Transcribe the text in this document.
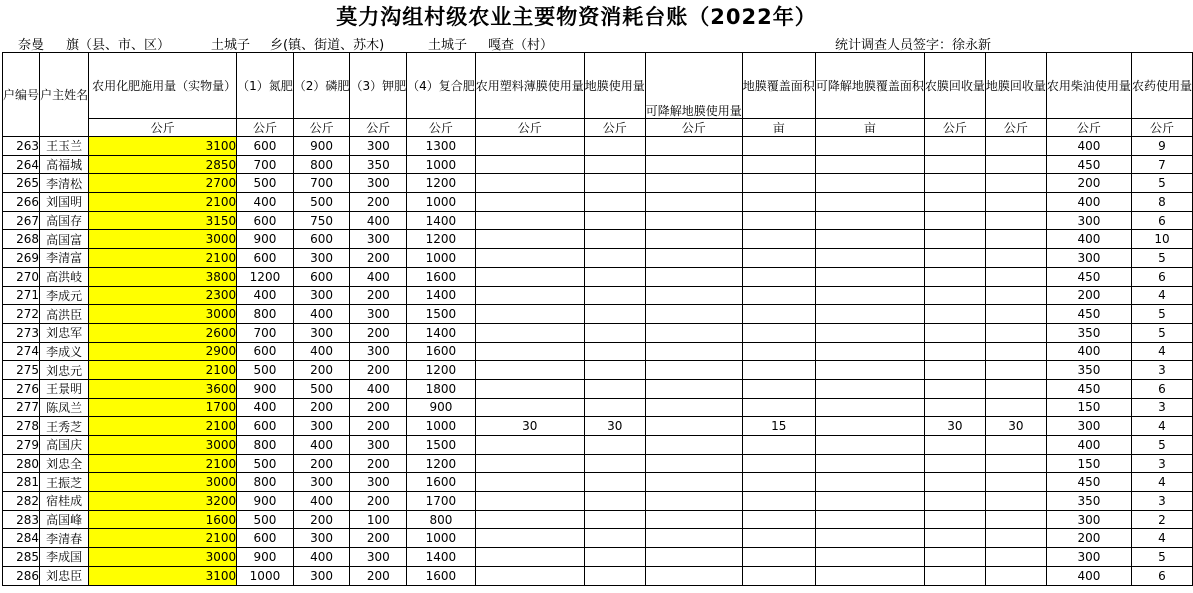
莫力沟组村级农业主要物资消耗台账（2022年）
奈曼 旗（县、市、区）	土城子 乡(镇、街道、苏木)	土城子 嘎查（村）	统计调查人员签字：徐永新
户编号	户主姓名	农用化肥施用量（实物量）	（1）氮肥	（2）磷肥	（3）钾肥	（4）复合肥	农用塑料薄膜使用量	地膜使用量	可降解地膜使用量	地膜覆盖面积	可降解地膜覆盖面积	农膜回收量	地膜回收量	农用柴油使用量	农药使用量
		公斤	公斤	公斤	公斤	公斤	公斤	公斤	公斤	亩	亩	公斤	公斤	公斤	公斤
263	王玉兰	3100	600	900	300	1300								400	9
264	高福城	2850	700	800	350	1000								450	7
265	李清松	2700	500	700	300	1200								200	5
266	刘国明	2100	400	500	200	1000								400	8
267	高国存	3150	600	750	400	1400								300	6
268	高国富	3000	900	600	300	1200								400	10
269	李清富	2100	600	300	200	1000								300	5
270	高洪岐	3800	1200	600	400	1600								450	6
271	李成元	2300	400	300	200	1400								200	4
272	高洪臣	3000	800	400	300	1500								450	5
273	刘忠军	2600	700	300	200	1400								350	5
274	李成义	2900	600	400	300	1600								400	4
275	刘忠元	2100	500	200	200	1200								350	3
276	王景明	3600	900	500	400	1800								450	6
277	陈凤兰	1700	400	200	200	900								150	3
278	王秀芝	2100	600	300	200	1000	30	30		15		30	30	300	4
279	高国庆	3000	800	400	300	1500								400	5
280	刘忠全	2100	500	200	200	1200								150	3
281	王振芝	3000	800	300	300	1600								450	4
282	宿桂成	3200	900	400	200	1700								350	3
283	高国峰	1600	500	200	100	800								300	2
284	李清春	2100	600	300	200	1000								200	4
285	李成国	3000	900	400	300	1400								300	5
286	刘忠臣	3100	1000	300	200	1600								400	6
